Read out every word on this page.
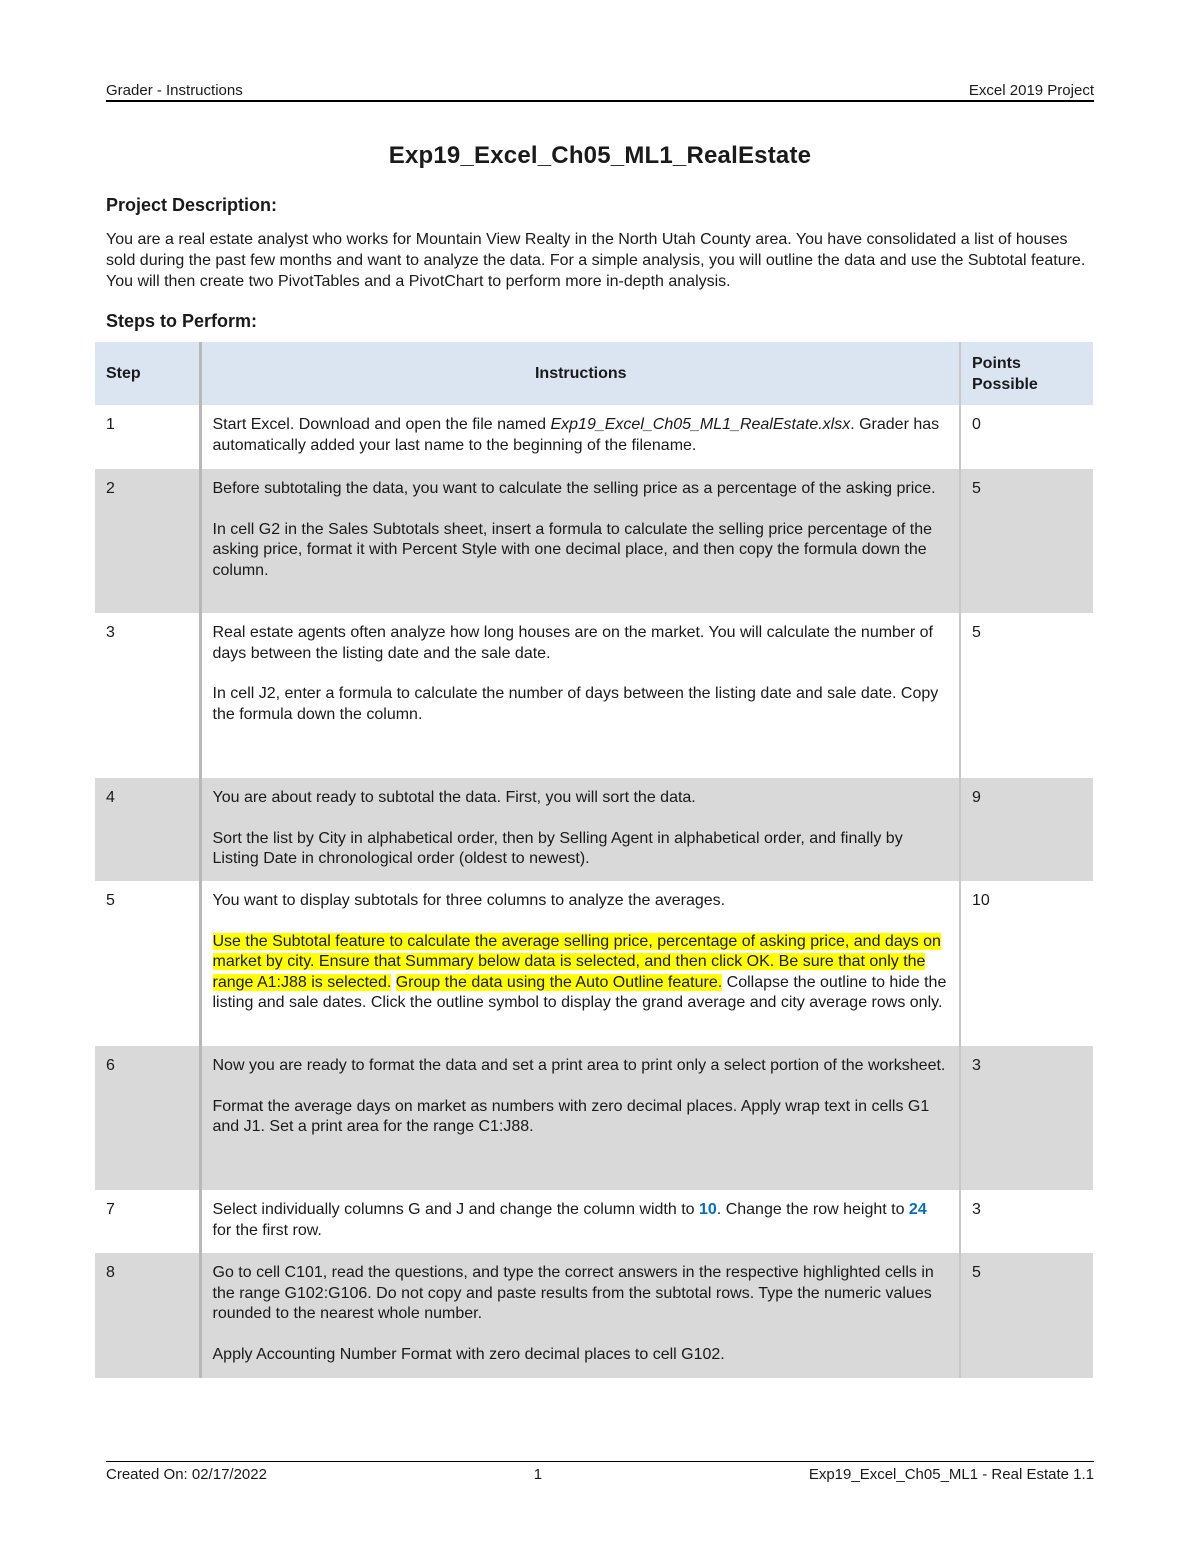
Grader - Instructions	Excel 2019 Project
Exp19_Excel_Ch05_ML1_RealEstate
Project Description:

You are a real estate analyst who works for Mountain View Realty in the North Utah County area. You have consolidated a list of houses sold during the past few months and want to analyze the data. For a simple analysis, you will outline the data and use the Subtotal feature. You will then create two PivotTables and a PivotChart to perform more in-depth analysis.

Steps to Perform:
Step	Instructions	Points Possible
1	Start Excel. Download and open the file named Exp19_Excel_Ch05_ML1_RealEstate.xlsx. Grader has automatically added your last name to the beginning of the filename.	0
2	Before subtotaling the data, you want to calculate the selling price as a percentage of the asking price.

In cell G2 in the Sales Subtotals sheet, insert a formula to calculate the selling price percentage of the asking price, format it with Percent Style with one decimal place, and then copy the formula down the column.	5
3	Real estate agents often analyze how long houses are on the market. You will calculate the number of days between the listing date and the sale date.

In cell J2, enter a formula to calculate the number of days between the listing date and sale date. Copy the formula down the column.	5
4	You are about ready to subtotal the data. First, you will sort the data.

Sort the list by City in alphabetical order, then by Selling Agent in alphabetical order, and finally by Listing Date in chronological order (oldest to newest).	9
5	You want to display subtotals for three columns to analyze the averages.

Use the Subtotal feature to calculate the average selling price, percentage of asking price, and days on market by city. Ensure that Summary below data is selected, and then click OK. Be sure that only the range A1:J88 is selected. Group the data using the Auto Outline feature. Collapse the outline to hide the listing and sale dates. Click the outline symbol to display the grand average and city average rows only.	10
6	Now you are ready to format the data and set a print area to print only a select portion of the worksheet.

Format the average days on market as numbers with zero decimal places. Apply wrap text in cells G1 and J1. Set a print area for the range C1:J88.	3
7	Select individually columns G and J and change the column width to 10. Change the row height to 24 for the first row.	3
8	Go to cell C101, read the questions, and type the correct answers in the respective highlighted cells in the range G102:G106. Do not copy and paste results from the subtotal rows. Type the numeric values rounded to the nearest whole number.

Apply Accounting Number Format with zero decimal places to cell G102.	5
Created On: 02/17/2022	1	Exp19_Excel_Ch05_ML1 - Real Estate 1.1
